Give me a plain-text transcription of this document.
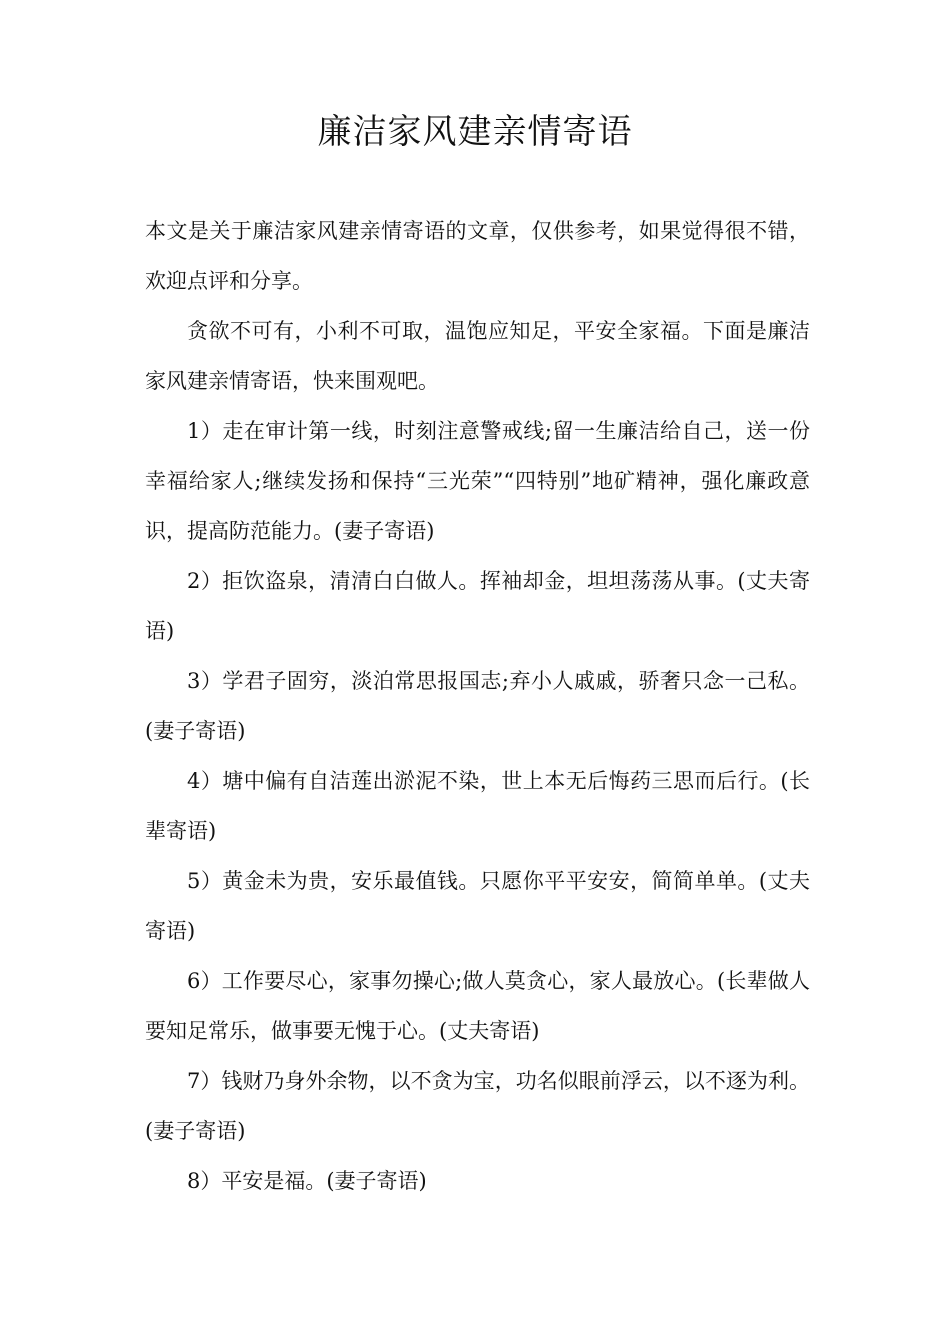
廉洁家风建亲情寄语

本文是关于廉洁家风建亲情寄语的文章，仅供参考，如果觉得很不错，欢迎点评和分享。

贪欲不可有，小利不可取，温饱应知足，平安全家福。下面是廉洁家风建亲情寄语，快来围观吧。

1）走在审计第一线，时刻注意警戒线;留一生廉洁给自己，送一份幸福给家人;继续发扬和保持“三光荣”“四特别”地矿精神，强化廉政意识，提高防范能力。(妻子寄语)

2）拒饮盗泉，清清白白做人。挥袖却金，坦坦荡荡从事。(丈夫寄语)

3）学君子固穷，淡泊常思报国志;弃小人戚戚，骄奢只念一己私。(妻子寄语)

4）塘中偏有自洁莲出淤泥不染，世上本无后悔药三思而后行。(长辈寄语)

5）黄金未为贵，安乐最值钱。只愿你平平安安，简简单单。(丈夫寄语)

6）工作要尽心，家事勿操心;做人莫贪心，家人最放心。(长辈做人要知足常乐，做事要无愧于心。(丈夫寄语)

7）钱财乃身外余物，以不贪为宝，功名似眼前浮云，以不逐为利。(妻子寄语)

8）平安是福。(妻子寄语)
